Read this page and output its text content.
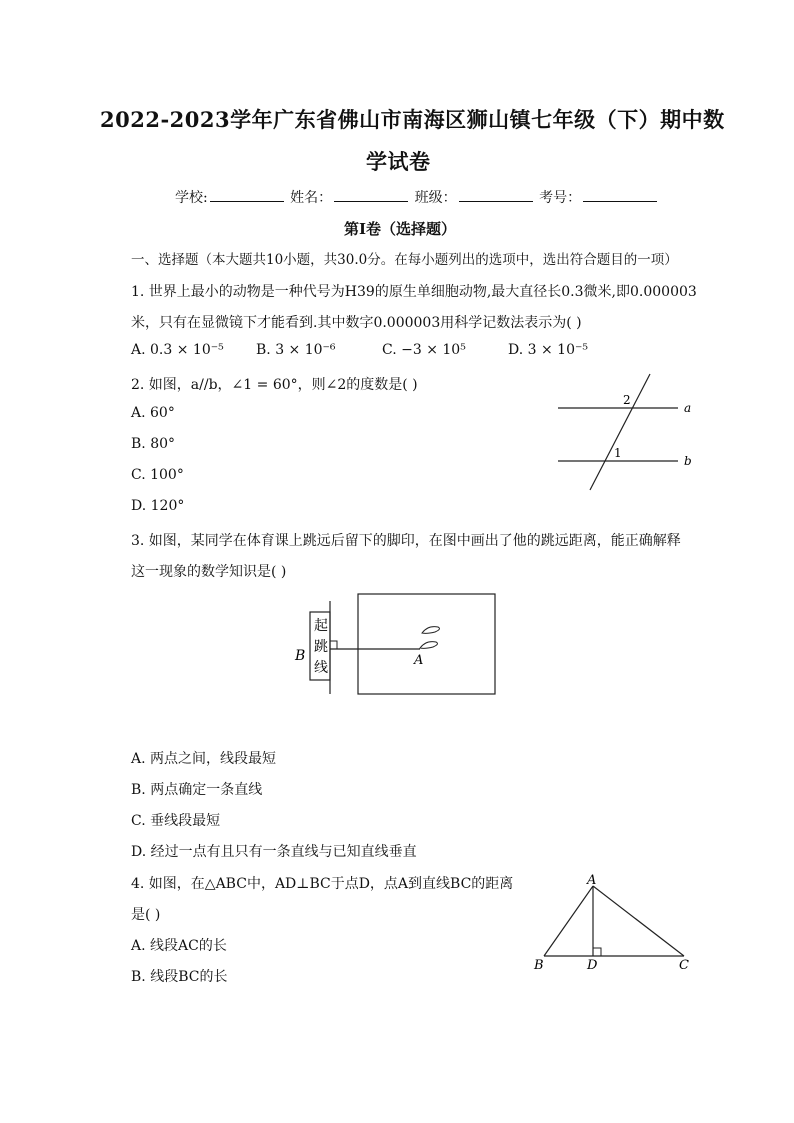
2022-2023学年广东省佛山市南海区狮山镇七年级（下）期中数
学试卷
学校:	姓名：	班级：	考号：
第Ⅰ卷（选择题）
一、选择题（本大题共10小题，共30.0分。在每小题列出的选项中，选出符合题目的一项）
1. 世界上最小的动物是一种代号为H39的原生单细胞动物,最大直径长0.3微米,即0.000003
米，只有在显微镜下才能看到.其中数字0.000003用科学记数法表示为( )
A. 0.3 × 10⁻⁵ B. 3 × 10⁻⁶	C. −3 × 10⁵	D. 3 × 10⁻⁵
2. 如图，a//b，∠1 = 60°，则∠2的度数是( )
A. 60°
B. 80°
C. 100°
D. 120°
2
1
a
b
3. 如图，某同学在体育课上跳远后留下的脚印，在图中画出了他的跳远距离，能正确解释
这一现象的数学知识是( )
起
跳
线
B	A
A. 两点之间，线段最短
B. 两点确定一条直线
C. 垂线段最短
D. 经过一点有且只有一条直线与已知直线垂直
4. 如图，在△ABC中，AD⊥BC于点D，点A到直线BC的距离
是( )
A. 线段AC的长
B. 线段BC的长
A
B	D	C
